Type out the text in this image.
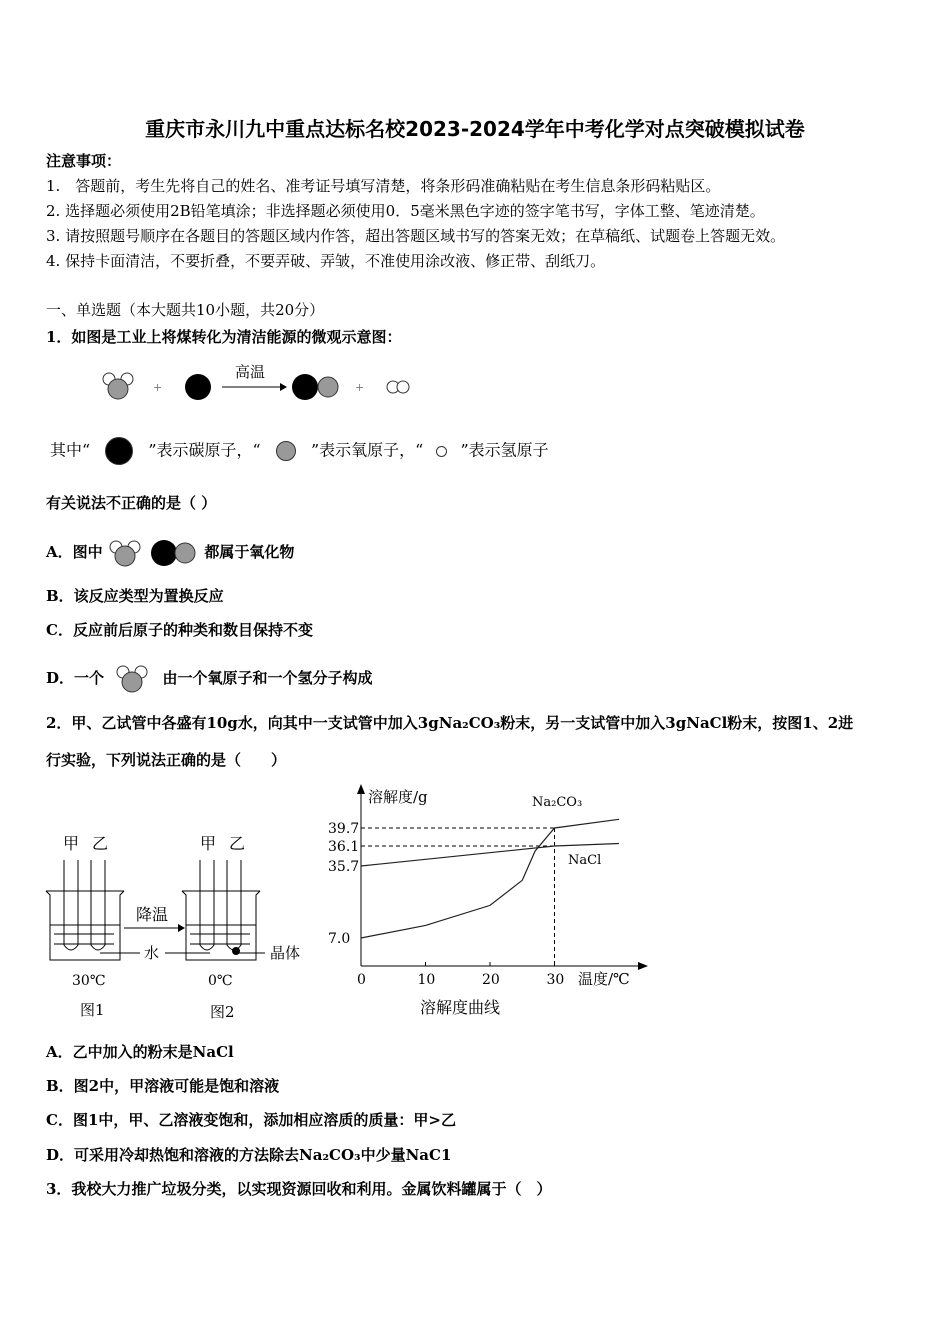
重庆市永川九中重点达标名校2023-2024学年中考化学对点突破模拟试卷
注意事项：
1.　答题前，考生先将自己的姓名、准考证号填写清楚，将条形码准确粘贴在考生信息条形码粘贴区。
2. 选择题必须使用2B铅笔填涂；非选择题必须使用0．5毫米黑色字迹的签字笔书写，字体工整、笔迹清楚。
3. 请按照题号顺序在各题目的答题区域内作答，超出答题区域书写的答案无效；在草稿纸、试题卷上答题无效。
4. 保持卡面清洁，不要折叠，不要弄破、弄皱，不准使用涂改液、修正带、刮纸刀。
一、单选题（本大题共10小题，共20分）
1．如图是工业上将煤转化为清洁能源的微观示意图：
+
高温
+
其中“	”表示碳原子，“	”表示氧原子，“ ”表示氢原子
有关说法不正确的是（ ）
A．图中	都属于氧化物
B．该反应类型为置换反应
C．反应前后原子的种类和数目保持不变
D．一个	由一个氧原子和一个氢分子构成
2．甲、乙试管中各盛有10g水，向其中一支试管中加入3gNa₂CO₃粉末，另一支试管中加入3gNaCl粉末，按图1、2进
行实验，下列说法正确的是（　　）
甲 乙	甲 乙
降温
水	晶体
30℃	0℃
图1	图2
溶解度/g
温度/℃
溶解度曲线
0	10	20	30
7.0
35.7
36.1
39.7
Na₂CO₃
NaCl
A．乙中加入的粉末是NaCl
B．图2中，甲溶液可能是饱和溶液
C．图1中，甲、乙溶液变饱和，添加相应溶质的质量：甲>乙
D．可采用冷却热饱和溶液的方法除去Na₂CO₃中少量NaC1
3．我校大力推广垃圾分类，以实现资源回收和利用。金属饮料罐属于（　）
